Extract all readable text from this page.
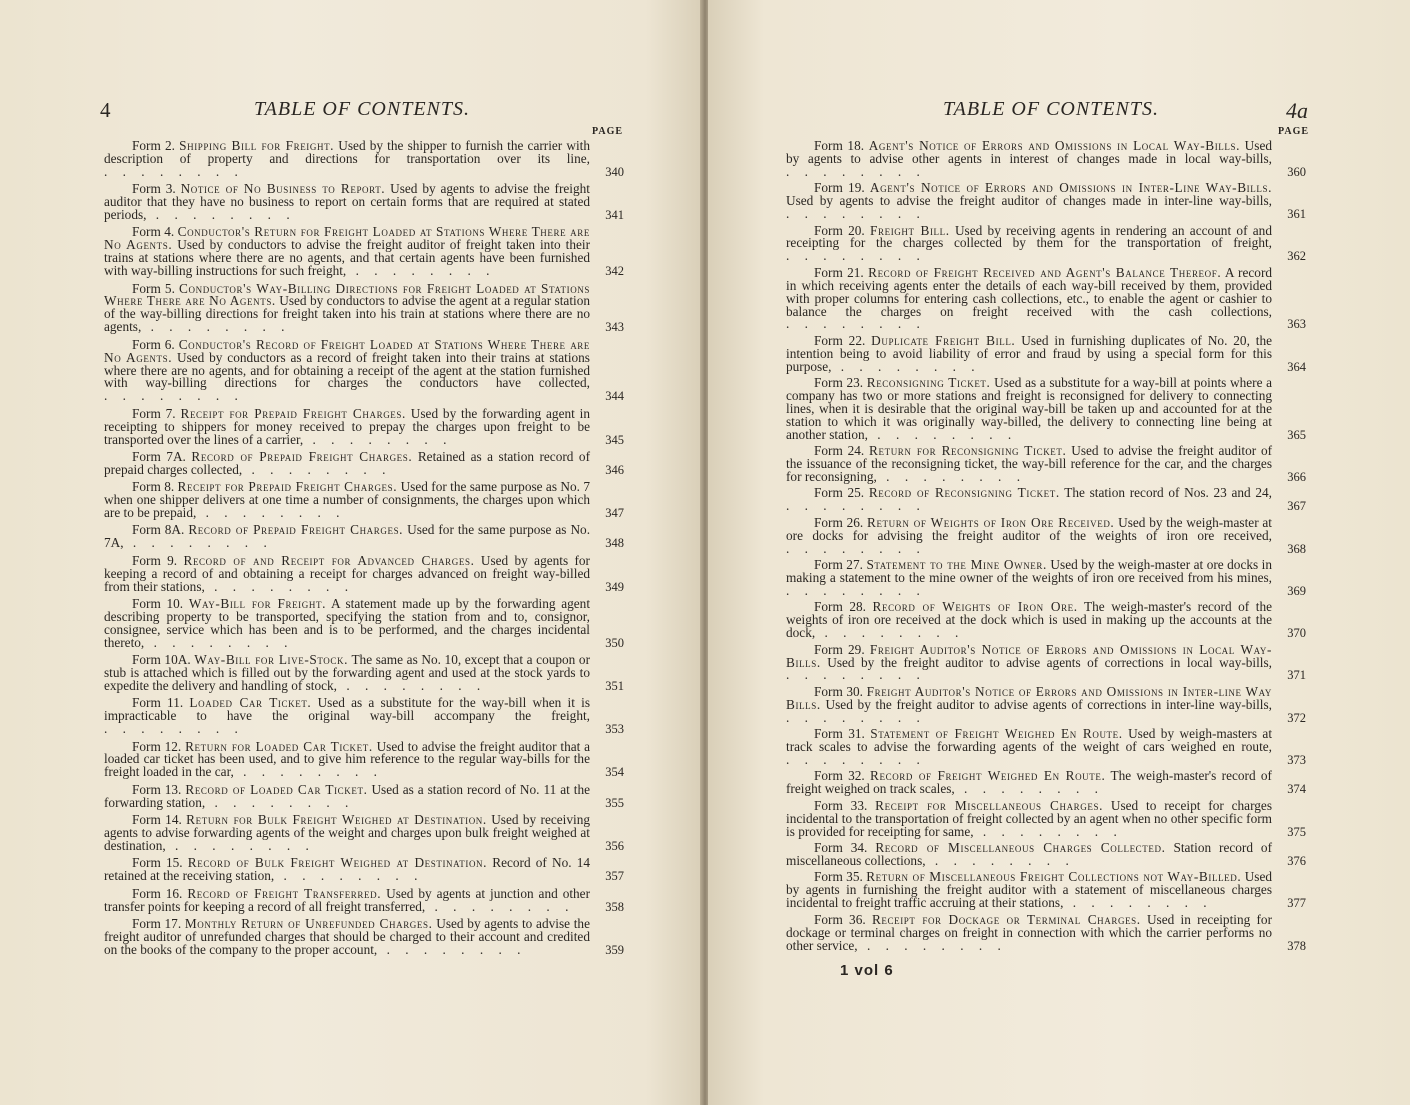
4	TABLE OF CONTENTS.
PAGE
Form 2. Shipping Bill for Freight. Used by the shipper to furnish the carrier with description of property and directions for transportation over its line, . . . . . . . .	340
Form 3. Notice of No Business to Report. Used by agents to advise the freight auditor that they have no business to report on certain forms that are required at stated periods, . . . . . . . .	341
Form 4. Conductor's Return for Freight Loaded at Stations Where There are No Agents. Used by conductors to advise the freight auditor of freight taken into their trains at stations where there are no agents, and that certain agents have been furnished with way-billing instructions for such freight, . . . . . . . .	342
Form 5. Conductor's Way-Billing Directions for Freight Loaded at Stations Where There are No Agents. Used by conductors to advise the agent at a regular station of the way-billing directions for freight taken into his train at stations where there are no agents, . . . . . . . .	343
Form 6. Conductor's Record of Freight Loaded at Stations Where There are No Agents. Used by conductors as a record of freight taken into their trains at stations where there are no agents, and for obtaining a receipt of the agent at the station furnished with way-billing directions for charges the conductors have collected, . . . . . . . .	344
Form 7. Receipt for Prepaid Freight Charges. Used by the forwarding agent in receipting to shippers for money received to prepay the charges upon freight to be transported over the lines of a carrier, . . . . . . . .	345
Form 7A. Record of Prepaid Freight Charges. Retained as a station record of prepaid charges collected, . . . . . . . .	346
Form 8. Receipt for Prepaid Freight Charges. Used for the same purpose as No. 7 when one shipper delivers at one time a number of consignments, the charges upon which are to be prepaid, . . . . . . . .	347
Form 8A. Record of Prepaid Freight Charges. Used for the same purpose as No. 7A, . . . . . . . .	348
Form 9. Record of and Receipt for Advanced Charges. Used by agents for keeping a record of and obtaining a receipt for charges advanced on freight way-billed from their stations, . . . . . . . .	349
Form 10. Way-Bill for Freight. A statement made up by the forwarding agent describing property to be transported, specifying the station from and to, consignor, consignee, service which has been and is to be performed, and the charges incidental thereto, . . . . . . . .	350
Form 10A. Way-Bill for Live-Stock. The same as No. 10, except that a coupon or stub is attached which is filled out by the forwarding agent and used at the stock yards to expedite the delivery and handling of stock, . . . . . . . .	351
Form 11. Loaded Car Ticket. Used as a substitute for the way-bill when it is impracticable to have the original way-bill accompany the freight, . . . . . . . .	353
Form 12. Return for Loaded Car Ticket. Used to advise the freight auditor that a loaded car ticket has been used, and to give him reference to the regular way-bills for the freight loaded in the car, . . . . . . . .	354
Form 13. Record of Loaded Car Ticket. Used as a station record of No. 11 at the forwarding station, . . . . . . . .	355
Form 14. Return for Bulk Freight Weighed at Destination. Used by receiving agents to advise forwarding agents of the weight and charges upon bulk freight weighed at destination, . . . . . . . .	356
Form 15. Record of Bulk Freight Weighed at Destination. Record of No. 14 retained at the receiving station, . . . . . . . .	357
Form 16. Record of Freight Transferred. Used by agents at junction and other transfer points for keeping a record of all freight transferred, . . . . . . . .	358
Form 17. Monthly Return of Unrefunded Charges. Used by agents to advise the freight auditor of unrefunded charges that should be charged to their account and credited on the books of the company to the proper account, . . . . . . . .	359
TABLE OF CONTENTS.	4a
PAGE
Form 18. Agent's Notice of Errors and Omissions in Local Way-Bills. Used by agents to advise other agents in interest of changes made in local way-bills, . . . . . . . .	360
Form 19. Agent's Notice of Errors and Omissions in Inter-Line Way-Bills. Used by agents to advise the freight auditor of changes made in inter-line way-bills, . . . . . . . .	361
Form 20. Freight Bill. Used by receiving agents in rendering an account of and receipting for the charges collected by them for the transportation of freight, . . . . . . . .	362
Form 21. Record of Freight Received and Agent's Balance Thereof. A record in which receiving agents enter the details of each way-bill received by them, provided with proper columns for entering cash collections, etc., to enable the agent or cashier to balance the charges on freight received with the cash collections, . . . . . . . .	363
Form 22. Duplicate Freight Bill. Used in furnishing duplicates of No. 20, the intention being to avoid liability of error and fraud by using a special form for this purpose, . . . . . . . .	364
Form 23. Reconsigning Ticket. Used as a substitute for a way-bill at points where a company has two or more stations and freight is reconsigned for delivery to connecting lines, when it is desirable that the original way-bill be taken up and accounted for at the station to which it was originally way-billed, the delivery to connecting line being at another station, . . . . . . . .	365
Form 24. Return for Reconsigning Ticket. Used to advise the freight auditor of the issuance of the reconsigning ticket, the way-bill reference for the car, and the charges for reconsigning, . . . . . . . .	366
Form 25. Record of Reconsigning Ticket. The station record of Nos. 23 and 24, . . . . . . . .	367
Form 26. Return of Weights of Iron Ore Received. Used by the weigh-master at ore docks for advising the freight auditor of the weights of iron ore received, . . . . . . . .	368
Form 27. Statement to the Mine Owner. Used by the weigh-master at ore docks in making a statement to the mine owner of the weights of iron ore received from his mines, . . . . . . . .	369
Form 28. Record of Weights of Iron Ore. The weigh-master's record of the weights of iron ore received at the dock which is used in making up the accounts at the dock, . . . . . . . .	370
Form 29. Freight Auditor's Notice of Errors and Omissions in Local Way-Bills. Used by the freight auditor to advise agents of corrections in local way-bills, . . . . . . . .	371
Form 30. Freight Auditor's Notice of Errors and Omissions in Inter-line Way Bills. Used by the freight auditor to advise agents of corrections in inter-line way-bills, . . . . . . . .	372
Form 31. Statement of Freight Weighed En Route. Used by weigh-masters at track scales to advise the forwarding agents of the weight of cars weighed en route, . . . . . . . .	373
Form 32. Record of Freight Weighed En Route. The weigh-master's record of freight weighed on track scales, . . . . . . . .	374
Form 33. Receipt for Miscellaneous Charges. Used to receipt for charges incidental to the transportation of freight collected by an agent when no other specific form is provided for receipting for same, . . . . . . . .	375
Form 34. Record of Miscellaneous Charges Collected. Station record of miscellaneous collections, . . . . . . . .	376
Form 35. Return of Miscellaneous Freight Collections not Way-Billed. Used by agents in furnishing the freight auditor with a statement of miscellaneous charges incidental to freight traffic accruing at their stations, . . . . . . . .	377
Form 36. Receipt for Dockage or Terminal Charges. Used in receipting for dockage or terminal charges on freight in connection with which the carrier performs no other service, . . . . . . . .	378
1 vol 6
